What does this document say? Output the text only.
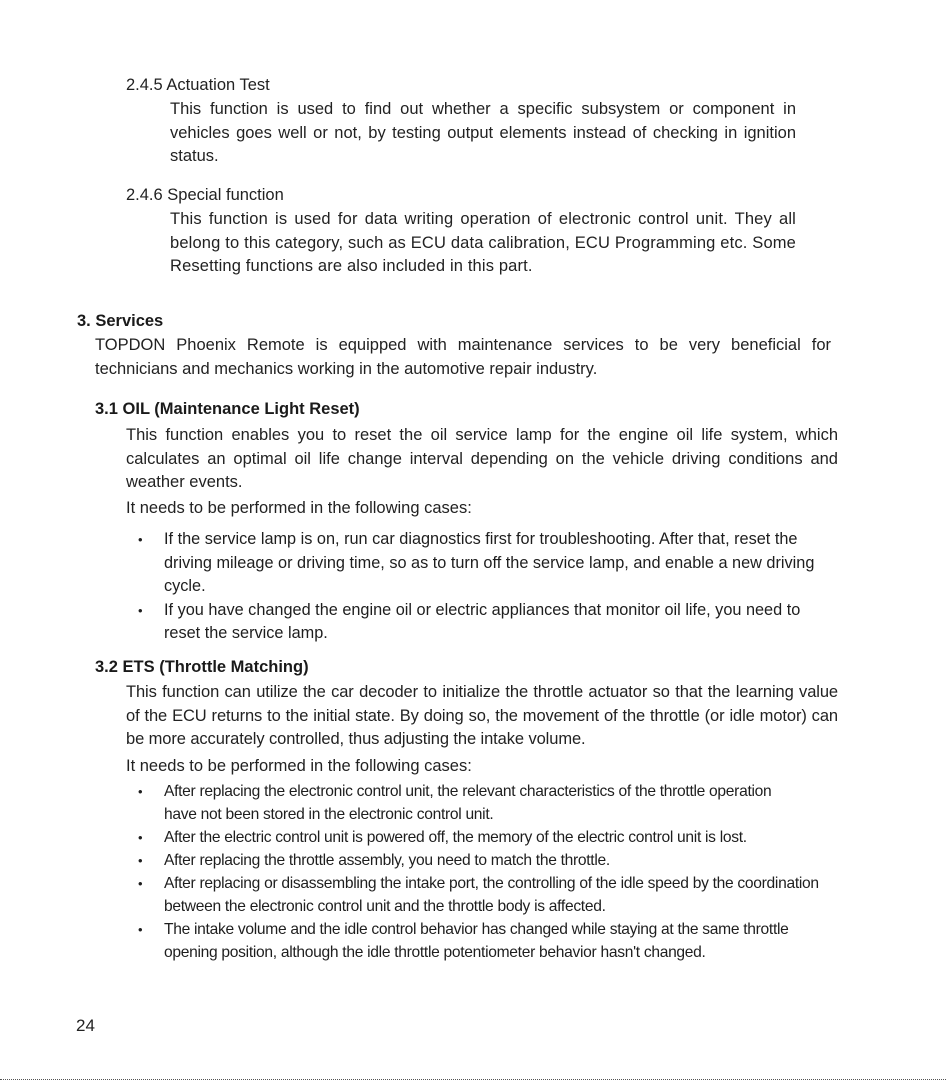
2.4.5 Actuation Test

This function is used to find out whether a specific subsystem or component in vehicles goes well or not, by testing output elements instead of checking in ignition status.

2.4.6 Special function

This function is used for data writing operation of electronic control unit. They all belong to this category, such as ECU data calibration, ECU Programming etc. Some Resetting functions are also included in this part.

3. Services

TOPDON Phoenix Remote is equipped with maintenance services to be very beneficial for technicians and mechanics working in the automotive repair industry.

3.1 OIL (Maintenance Light Reset)

This function enables you to reset the oil service lamp for the engine oil life system, which calculates an optimal oil life change interval depending on the vehicle driving conditions and weather events.

It needs to be performed in the following cases:

• If the service lamp is on, run car diagnostics first for troubleshooting. After that, reset the driving mileage or driving time, so as to turn off the service lamp, and enable a new driving cycle.
• If you have changed the engine oil or electric appliances that monitor oil life, you need to reset the service lamp.

3.2 ETS (Throttle Matching)

This function can utilize the car decoder to initialize the throttle actuator so that the learning value of the ECU returns to the initial state. By doing so, the movement of the throttle (or idle motor) can be more accurately controlled, thus adjusting the intake volume.

It needs to be performed in the following cases:

• After replacing the electronic control unit, the relevant characteristics of the throttle operation have not been stored in the electronic control unit.
• After the electric control unit is powered off, the memory of the electric control unit is lost.
• After replacing the throttle assembly, you need to match the throttle.
• After replacing or disassembling the intake port, the controlling of the idle speed by the coordination between the electronic control unit and the throttle body is affected.
• The intake volume and the idle control behavior has changed while staying at the same throttle opening position, although the idle throttle potentiometer behavior hasn't changed.

24
